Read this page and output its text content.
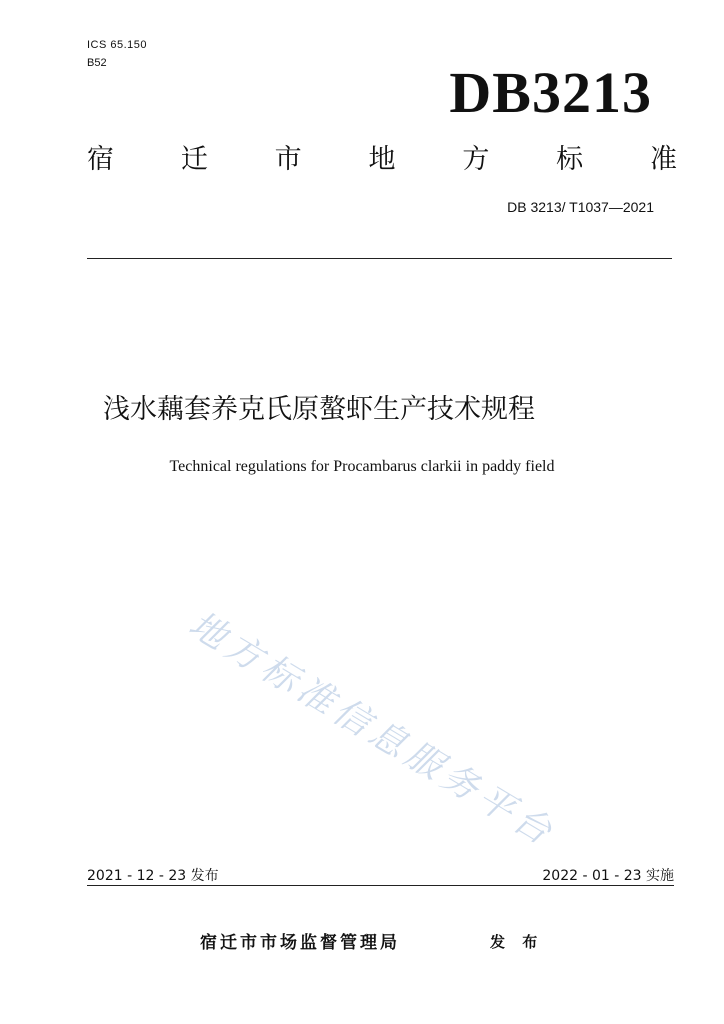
ICS 65.150
B52	DB3213
宿 迁 市 地 方 标 准
DB 3213/ T1037—2021
浅水藕套养克氏原螯虾生产技术规程
Technical regulations for Procambarus clarkii in paddy field
地方标准信息服务平台
2021 - 12 - 23 发布	2022 - 01 - 23 实施
宿迁市市场监督管理局	发 布
